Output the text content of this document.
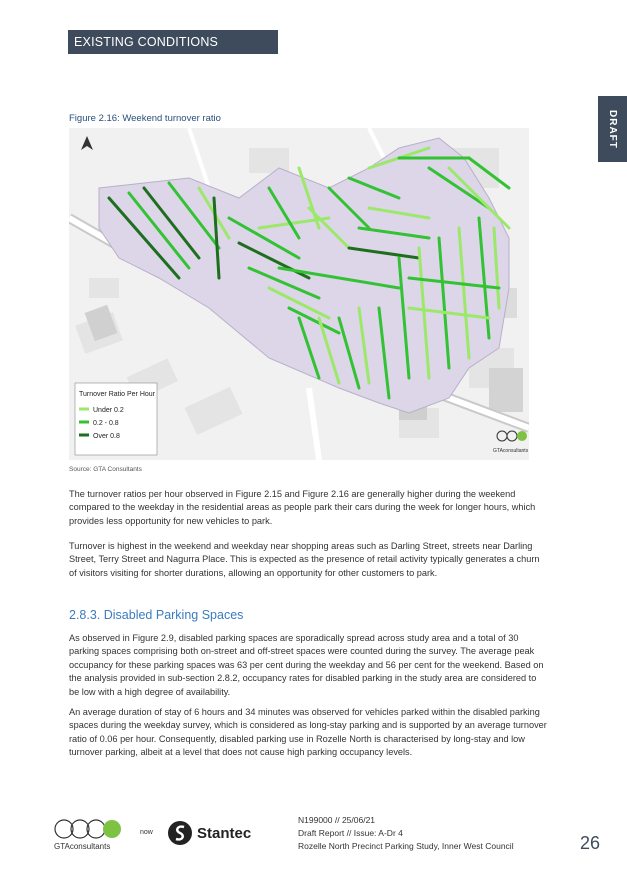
EXISTING CONDITIONS
DRAFT
Figure 2.16: Weekend turnover ratio
Turnover Ratio Per Hour
Under 0.2
0.2 - 0.8
Over 0.8
GTAconsultants
Source: GTA Consultants

The turnover ratios per hour observed in Figure 2.15 and Figure 2.16 are generally higher during the weekend compared to the weekday in the residential areas as people park their cars during the week for longer hours, which provides less opportunity for new vehicles to park.

Turnover is highest in the weekend and weekday near shopping areas such as Darling Street, streets near Darling Street, Terry Street and Nagurra Place. This is expected as the presence of retail activity typically generates a churn of visitors visiting for shorter durations, allowing an opportunity for other customers to park.

2.8.3. Disabled Parking Spaces

As observed in Figure 2.9, disabled parking spaces are sporadically spread across study area and a total of 30 parking spaces comprising both on-street and off-street spaces were counted during the survey. The average peak occupancy for these parking spaces was 63 per cent during the weekday and 56 per cent for the weekend. Based on the analysis provided in sub-section 2.8.2, occupancy rates for disabled parking in the study area are considered to be low with a high degree of availability.

An average duration of stay of 6 hours and 34 minutes was observed for vehicles parked within the disabled parking spaces during the weekday survey, which is considered as long-stay parking and is supported by an average turnover ratio of 0.06 per hour. Consequently, disabled parking use in Rozelle North is characterised by long-stay and low turnover parking, albeit at a level that does not cause high parking occupancy levels.

GTAconsultants
now	Stantec
N199000 // 25/06/21
Draft Report // Issue: A-Dr 4
Rozelle North Precinct Parking Study, Inner West Council	26
